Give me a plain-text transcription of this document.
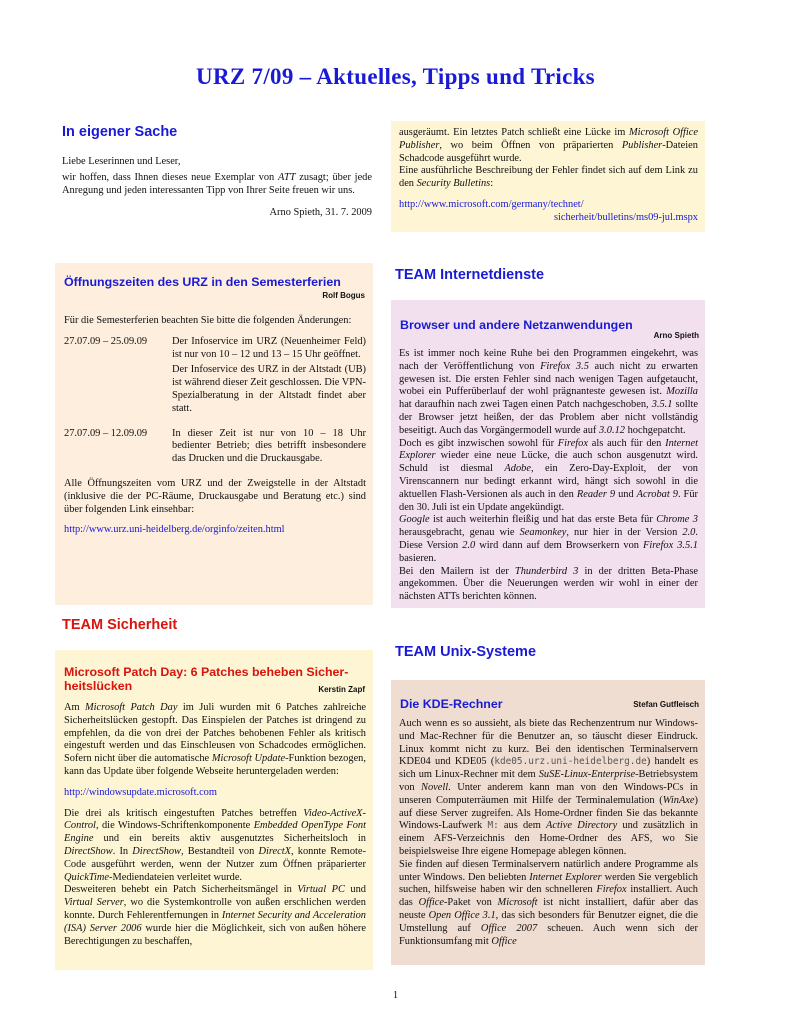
URZ 7/09 – Aktuelles, Tipps und Tricks
In eigener Sache

Liebe Leserinnen und Leser,

wir hoffen, dass Ihnen dieses neue Exemplar von ATT zusagt; über jede Anregung und jeden interessanten Tipp von Ihrer Seite freuen wir uns.

Arno Spieth, 31. 7. 2009

Öffnungszeiten des URZ in den Semesterferien
Rolf Bogus

Für die Semesterferien beachten Sie bitte die folgenden Änderungen:

27.07.09 – 25.09.09	Der Infoservice im URZ (Neuenheimer Feld) ist nur von 10 – 12 und 13 – 15 Uhr geöffnet.

Der Infoservice des URZ in der Altstadt (UB) ist während dieser Zeit geschlossen. Die VPN-Spezialberatung in der Altstadt findet aber statt.

27.07.09 – 12.09.09	In dieser Zeit ist nur von 10 – 18 Uhr bedienter Betrieb; dies betrifft insbesondere das Drucken und die Druckausgabe.

Alle Öffnungszeiten vom URZ und der Zweigstelle in der Altstadt (inklusive die der PC-Räume, Druckausgabe und Beratung etc.) sind über folgenden Link einsehbar:

http://www.urz.uni-heidelberg.de/orginfo/zeiten.html

TEAM Sicherheit
Microsoft Patch Day: 6 Patches beheben Sicher-
heitslücken	Kerstin Zapf

Am Microsoft Patch Day im Juli wurden mit 6 Patches zahlreiche Sicherheitslücken gestopft. Das Einspielen der Patches ist dringend zu empfehlen, da die von drei der Patches behobenen Fehler als kritisch eingestuft werden und das Einschleusen von Schadcodes ermöglichen. Sofern nicht über die automatische Microsoft Update-Funktion bezogen, kann das Update über folgende Webseite heruntergeladen werden:

http://windowsupdate.microsoft.com

Die drei als kritisch eingestuften Patches betreffen Video-ActiveX-Control, die Windows-Schriftenkomponente Embedded OpenType Font Engine und ein bereits aktiv ausgenutztes Sicherheitsloch in DirectShow. In DirectShow, Bestandteil von DirectX, konnte Remote-Code ausgeführt werden, wenn der Nutzer zum Öffnen präparierter QuickTime-Mediendateien verleitet wurde.

Desweiteren behebt ein Patch Sicherheitsmängel in Virtual PC und Virtual Server, wo die Systemkontrolle von außen erschlichen werden konnte. Durch Fehlerentfernungen in Internet Security and Acceleration (ISA) Server 2006 wurde hier die Möglichkeit, sich von außen höhere Berechtigungen zu beschaffen,

ausgeräumt. Ein letztes Patch schließt eine Lücke im Microsoft Office Publisher, wo beim Öffnen von präparierten Publisher-Dateien Schadcode ausgeführt wurde.

Eine ausführliche Beschreibung der Fehler findet sich auf dem Link zu den Security Bulletins:

http://www.microsoft.com/germany/technet/

sicherheit/bulletins/ms09-jul.mspx

TEAM Internetdienste
Browser und andere Netzanwendungen
Arno Spieth

Es ist immer noch keine Ruhe bei den Programmen eingekehrt, was nach der Veröffentlichung von Firefox 3.5 auch nicht zu erwarten gewesen ist. Die ersten Fehler sind nach wenigen Tagen aufgetaucht, wobei ein Pufferüberlauf der wohl prägnanteste gewesen ist. Mozilla hat daraufhin nach zwei Tagen einen Patch nachgeschoben, 3.5.1 sollte der Browser jetzt heißen, der das Problem aber nicht vollständig beseitigt. Auch das Vorgängermodell wurde auf 3.0.12 hochgepatcht.

Doch es gibt inzwischen sowohl für Firefox als auch für den Internet Explorer wieder eine neue Lücke, die auch schon ausgenutzt wird. Schuld ist diesmal Adobe, ein Zero-Day-Exploit, der von Virenscannern nur bedingt erkannt wird, hängt sich sowohl in die aktuellen Flash-Versionen als auch in den Reader 9 und Acrobat 9. Für den 30. Juli ist ein Update angekündigt.

Google ist auch weiterhin fleißig und hat das erste Beta für Chrome 3 herausgebracht, genau wie Seamonkey, nur hier in der Version 2.0. Diese Version 2.0 wird dann auf dem Browserkern von Firefox 3.5.1 basieren.

Bei den Mailern ist der Thunderbird 3 in der dritten Beta-Phase angekommen. Über die Neuerungen werden wir wohl in einer der nächsten ATTs berichten können.

TEAM Unix-Systeme
Die KDE-Rechner	Stefan Gutfleisch

Auch wenn es so aussieht, als biete das Rechenzentrum nur Windows- und Mac-Rechner für die Benutzer an, so täuscht dieser Eindruck. Linux kommt nicht zu kurz. Bei den identischen Terminalservern KDE04 und KDE05 (kde05.urz.uni-heidelberg.de) handelt es sich um Linux-Rechner mit dem SuSE-Linux-Enterprise-Betriebsystem von Novell. Unter anderem kann man von den Windows-PCs in unseren Computerräumen mit Hilfe der Terminalemulation (WinAxe) auf diese Server zugreifen. Als Home-Ordner finden Sie das bekannte Windows-Laufwerk M: aus dem Active Directory und zusätzlich in einem AFS-Verzeichnis den Home-Ordner des AFS, wo Sie beispielsweise Ihre eigene Homepage ablegen können.

Sie finden auf diesen Terminalservern natürlich andere Programme als unter Windows. Den beliebten Internet Explorer werden Sie vergeblich suchen, hilfsweise haben wir den schnelleren Firefox installiert. Auch das Office-Paket von Microsoft ist nicht installiert, dafür aber das neuste Open Office 3.1, das sich besonders für Benutzer eignet, die die Umstellung auf Office 2007 scheuen. Auch wenn sich der Funktionsumfang mit Office

1
